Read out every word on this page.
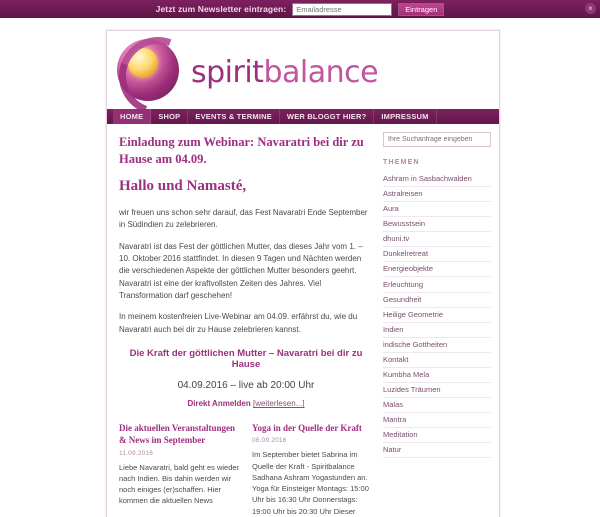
Jetzt zum Newsletter eintragen:
Emailadresse	Eintragen	×
spiritbalance
HOME	SHOP	EVENTS & TERMINE	WER BLOGGT HIER?	IMPRESSUM
Einladung zum Webinar: Navaratri bei dir zu Hause am 04.09.
Hallo und Namasté,

wir freuen uns schon sehr darauf, das Fest Navaratri Ende September in Südindien zu zelebrieren.

Navaratri ist das Fest der göttlichen Mutter, das dieses Jahr vom 1. – 10. Oktober 2016 stattfindet. In diesen 9 Tagen und Nächten werden die verschiedenen Aspekte der göttlichen Mutter besonders geehrt. Navaratri ist eine der kraftvollsten Zeiten des Jahres. Viel Transformation darf geschehen!

In meinem kostenfreien Live-Webinar am 04.09. erfährst du, wie du Navaratri auch bei dir zu Hause zelebrieren kannst.

Die Kraft der göttlichen Mutter – Navaratri bei dir zu Hause
04.09.2016 – live ab 20:00 Uhr
Direkt Anmelden [weiterlesen...]
Die aktuellen Veranstaltungen & News im September
11.09.2016

Liebe Navaratri, bald geht es wieder nach Indien. Bis dahin werden wir noch einiges (er)schaffen. Hier kommen die aktuellen News

Yoga in der Quelle der Kraft
06.09.2016

Im September bietet Sabrina im Quelle der Kraft - Spiritbalance Sadhana Ashram Yogastunden an. Yoga für Einsteiger Montags: 15:00 Uhr bis 16:30 Uhr Donnerstags: 19:00 Uhr bis 20:30 Uhr Dieser

Ihre Suchanfrage eingeben
THEMEN
Ashram in Sasbachwalden
Astralreisen
Aura
Bewusstsein
dhuni.tv
Dunkelretreat
Energieobjekte
Erleuchtung
Gesundheit
Heilige Geometrie
Indien
indische Gottheiten
Kontakt
Kumbha Mela
Luzides Träumen
Malas
Mantra
Meditation
Natur
